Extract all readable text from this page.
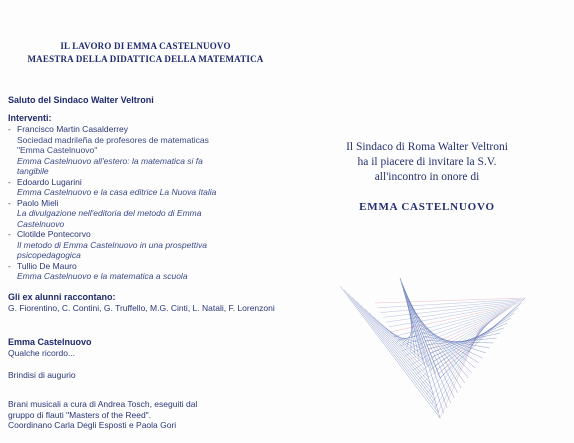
IL LAVORO DI EMMA CASTELNUOVO
MAESTRA DELLA DIDATTICA DELLA MATEMATICA
Saluto del Sindaco Walter Veltroni
Interventi:
- Francisco Martin Casalderrey
Sociedad madrileña de profesores de matematicas
"Emma Castelnuovo"
Emma Castelnuovo all'estero: la matematica si fa
tangibile
- Edoardo Lugarini
Emma Castelnuovo e la casa editrice La Nuova Italia
- Paolo Mieli
La divulgazione nell'editoria del metodo di Emma
Castelnuovo
- Clotilde Pontecorvo
Il metodo di Emma Castelnuovo in una prospettiva
psicopedagogica
- Tullio De Mauro
Emma Castelnuovo e la matematica a scuola
Gli ex alunni raccontano:
G. Fiorentino, C. Contini, G. Truffello, M.G. Cinti, L. Natali, F. Lorenzoni
Emma Castelnuovo
Qualche ricordo...
Brindisi di augurio
Brani musicali a cura di Andrea Tosch, eseguiti dal
gruppo di flauti "Masters of the Reed".
Coordinano Carla Degli Esposti e Paola Gori
Il Sindaco di Roma Walter Veltroni
ha il piacere di invitare la S.V.
all'incontro in onore di
EMMA CASTELNUOVO
